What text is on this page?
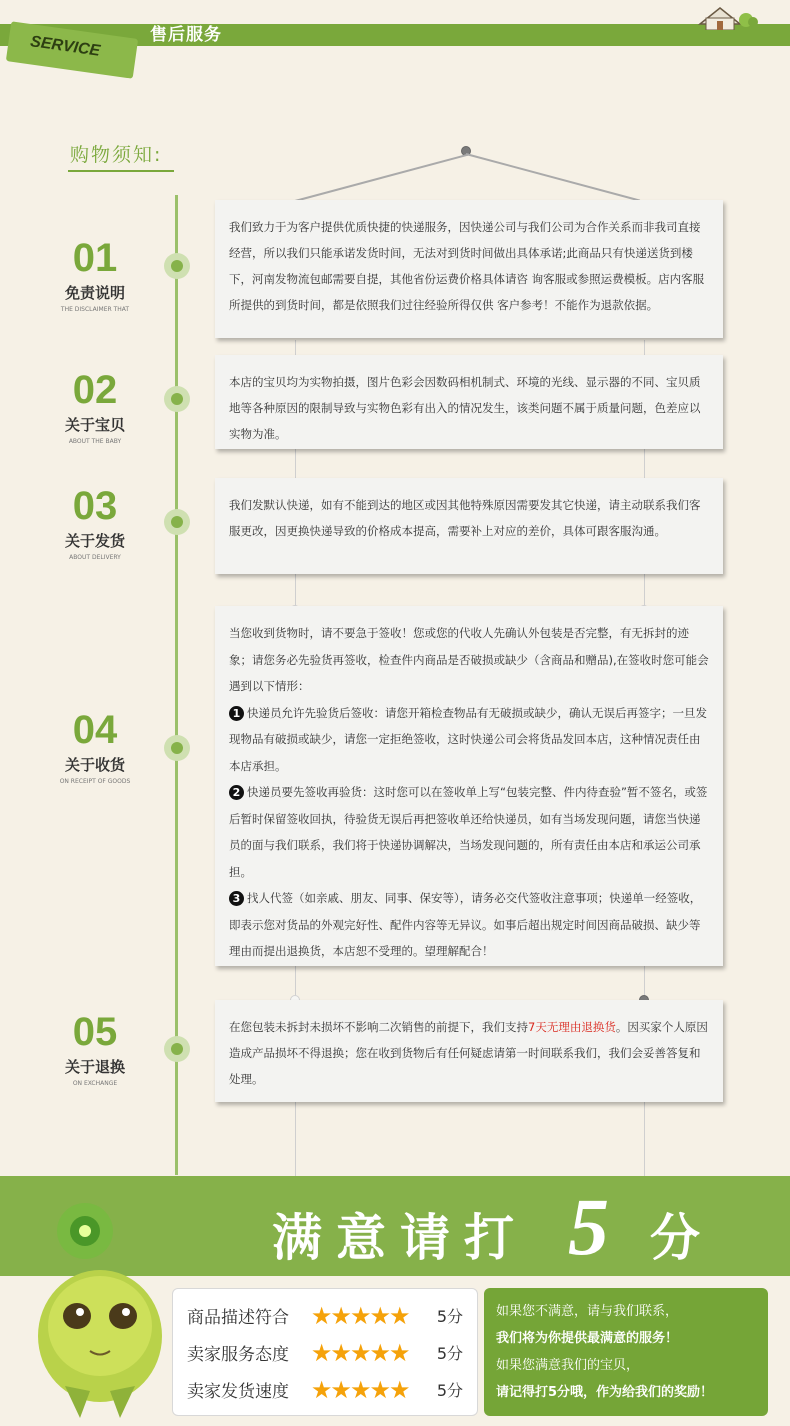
SERVICE	售后服务
购物须知:
01
免责说明
THE DISCLAIMER THAT
02
关于宝贝
ABOUT THE BABY
03
关于发货
ABOUT DELIVERY
04
关于收货
ON RECEIPT OF GOODS
05
关于退换
ON EXCHANGE
我们致力于为客户提供优质快捷的快递服务，因快递公司与我们公司为合作关系而非我司直接经营，所以我们只能承诺发货时间，无法对到货时间做出具体承诺;此商品只有快递送货到楼下，河南发物流包邮需要自提，其他省份运费价格具体请咨 询客服或参照运费模板。店内客服所提供的到货时间，都是依照我们过往经验所得仅供 客户参考！不能作为退款依据。
本店的宝贝均为实物拍摄，图片色彩会因数码相机制式、环境的光线、显示器的不同、宝贝质地等各种原因的限制导致与实物色彩有出入的情况发生，该类问题不属于质量问题，色差应以实物为准。
我们发默认快递，如有不能到达的地区或因其他特殊原因需要发其它快递，请主动联系我们客服更改，因更换快递导致的价格成本提高，需要补上对应的差价，具体可跟客服沟通。
当您收到货物时，请不要急于签收！您或您的代收人先确认外包装是否完整，有无拆封的迹象；请您务必先验货再签收，检查件内商品是否破损或缺少（含商品和赠品),在签收时您可能会遇到以下情形：
1 快递员允许先验货后签收：请您开箱检查物品有无破损或缺少，确认无误后再签字；一旦发现物品有破损或缺少，请您一定拒绝签收，这时快递公司会将货品发回本店，这种情况责任由本店承担。
2 快递员要先签收再验货：这时您可以在签收单上写“包装完整、件内待查验”暂不签名，或签后暂时保留签收回执，待验货无误后再把签收单还给快递员，如有当场发现问题，请您当快递员的面与我们联系，我们将于快递协调解决，当场发现问题的，所有责任由本店和承运公司承担。
3 找人代签（如亲戚、朋友、同事、保安等），请务必交代签收注意事项；快递单一经签收，即表示您对货品的外观完好性、配件内容等无异议。如事后超出规定时间因商品破损、缺少等理由而提出退换货，本店恕不受理的。望理解配合！
在您包装未拆封未损坏不影响二次销售的前提下，我们支持7天无理由退换货。因买家个人原因造成产品损坏不得退换；您在收到货物后有任何疑虑请第一时间联系我们，我们会妥善答复和处理。
满意请打 5 分
商品描述符合 ★★★★★	5分
卖家服务态度 ★★★★★	5分
卖家发货速度 ★★★★★	5分
如果您不满意，请与我们联系，
我们将为你提供最满意的服务！
如果您满意我们的宝贝，
请记得打5分哦，作为给我们的奖励！
